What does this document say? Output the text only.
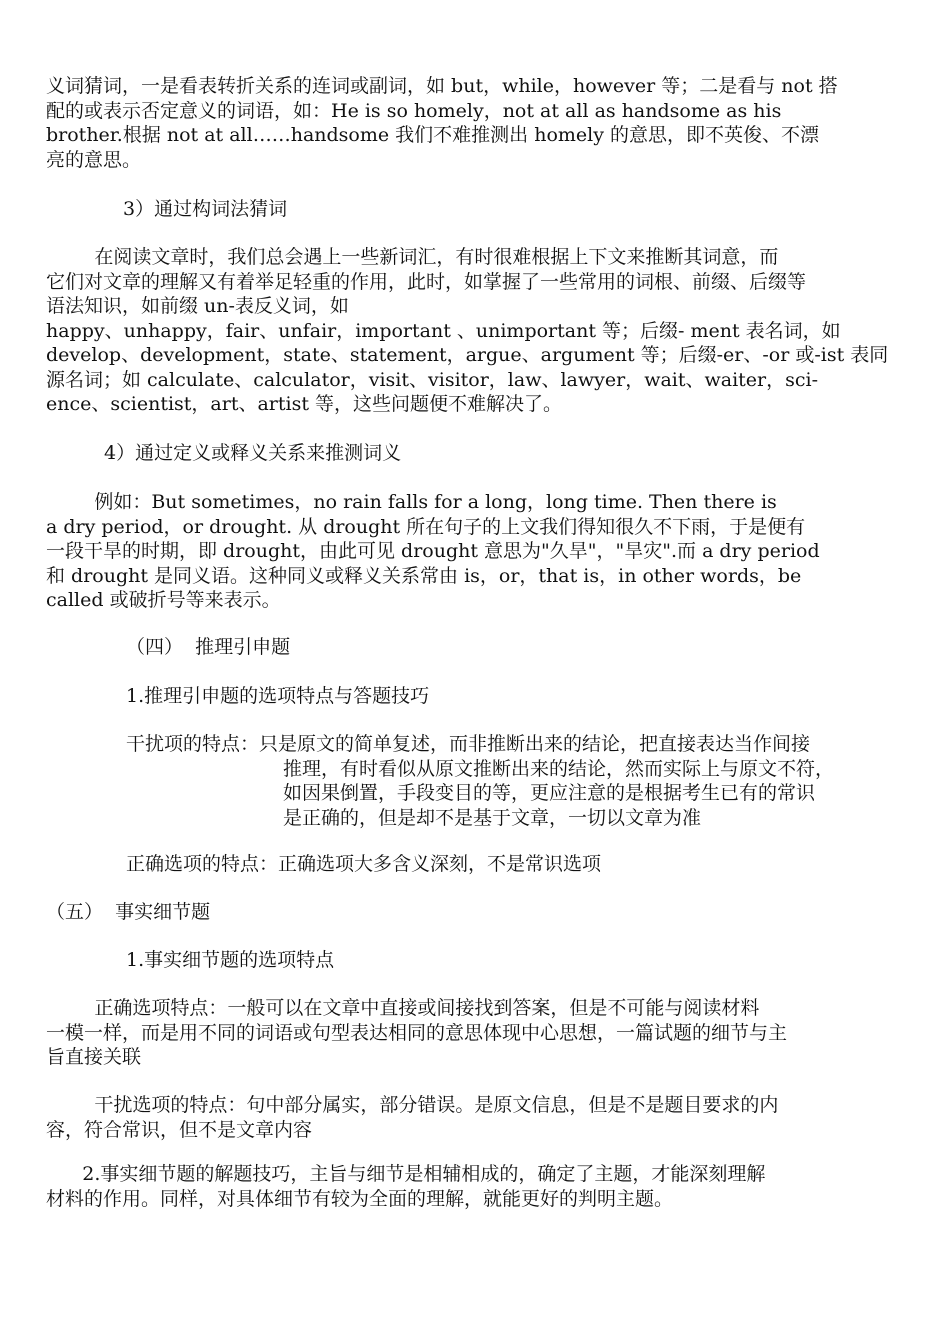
义词猜词，一是看表转折关系的连词或副词，如 but，while，however 等；二是看与 not 搭
配的或表示否定意义的词语，如：He is so homely，not at all as handsome as his
brother.根据 not at all……handsome 我们不难推测出 homely 的意思，即不英俊、不漂
亮的意思。
3）通过构词法猜词
在阅读文章时，我们总会遇上一些新词汇，有时很难根据上下文来推断其词意，而
它们对文章的理解又有着举足轻重的作用，此时，如掌握了一些常用的词根、前缀、后缀等
语法知识，如前缀 un-表反义词，如
happy、unhappy，fair、unfair，important 、unimportant 等；后缀- ment 表名词，如
develop、development，state、statement，argue、argument 等；后缀-er、-or 或-ist 表同
源名词；如 calculate、calculator，visit、visitor，law、lawyer，wait、waiter，sci-
ence、scientist，art、artist 等，这些问题便不难解决了。
4）通过定义或释义关系来推测词义
例如：But sometimes，no rain falls for a long，long time. Then there is
a dry period，or drought. 从 drought 所在句子的上文我们得知很久不下雨，于是便有
一段干旱的时期，即 drought，由此可见 drought 意思为"久旱"，"旱灾".而 a dry period
和 drought 是同义语。这种同义或释义关系常由 is，or，that is，in other words，be
called 或破折号等来表示。
（四）  推理引申题
1.推理引申题的选项特点与答题技巧
干扰项的特点：只是原文的简单复述，而非推断出来的结论，把直接表达当作间接
推理，有时看似从原文推断出来的结论，然而实际上与原文不符，
如因果倒置，手段变目的等，更应注意的是根据考生已有的常识
是正确的，但是却不是基于文章，一切以文章为准
正确选项的特点：正确选项大多含义深刻，不是常识选项
（五）  事实细节题
1.事实细节题的选项特点
正确选项特点：一般可以在文章中直接或间接找到答案，但是不可能与阅读材料
一模一样，而是用不同的词语或句型表达相同的意思体现中心思想，一篇试题的细节与主
旨直接关联
干扰选项的特点：句中部分属实，部分错误。是原文信息，但是不是题目要求的内
容，符合常识，但不是文章内容
2.事实细节题的解题技巧，主旨与细节是相辅相成的，确定了主题，才能深刻理解
材料的作用。同样，对具体细节有较为全面的理解，就能更好的判明主题。
